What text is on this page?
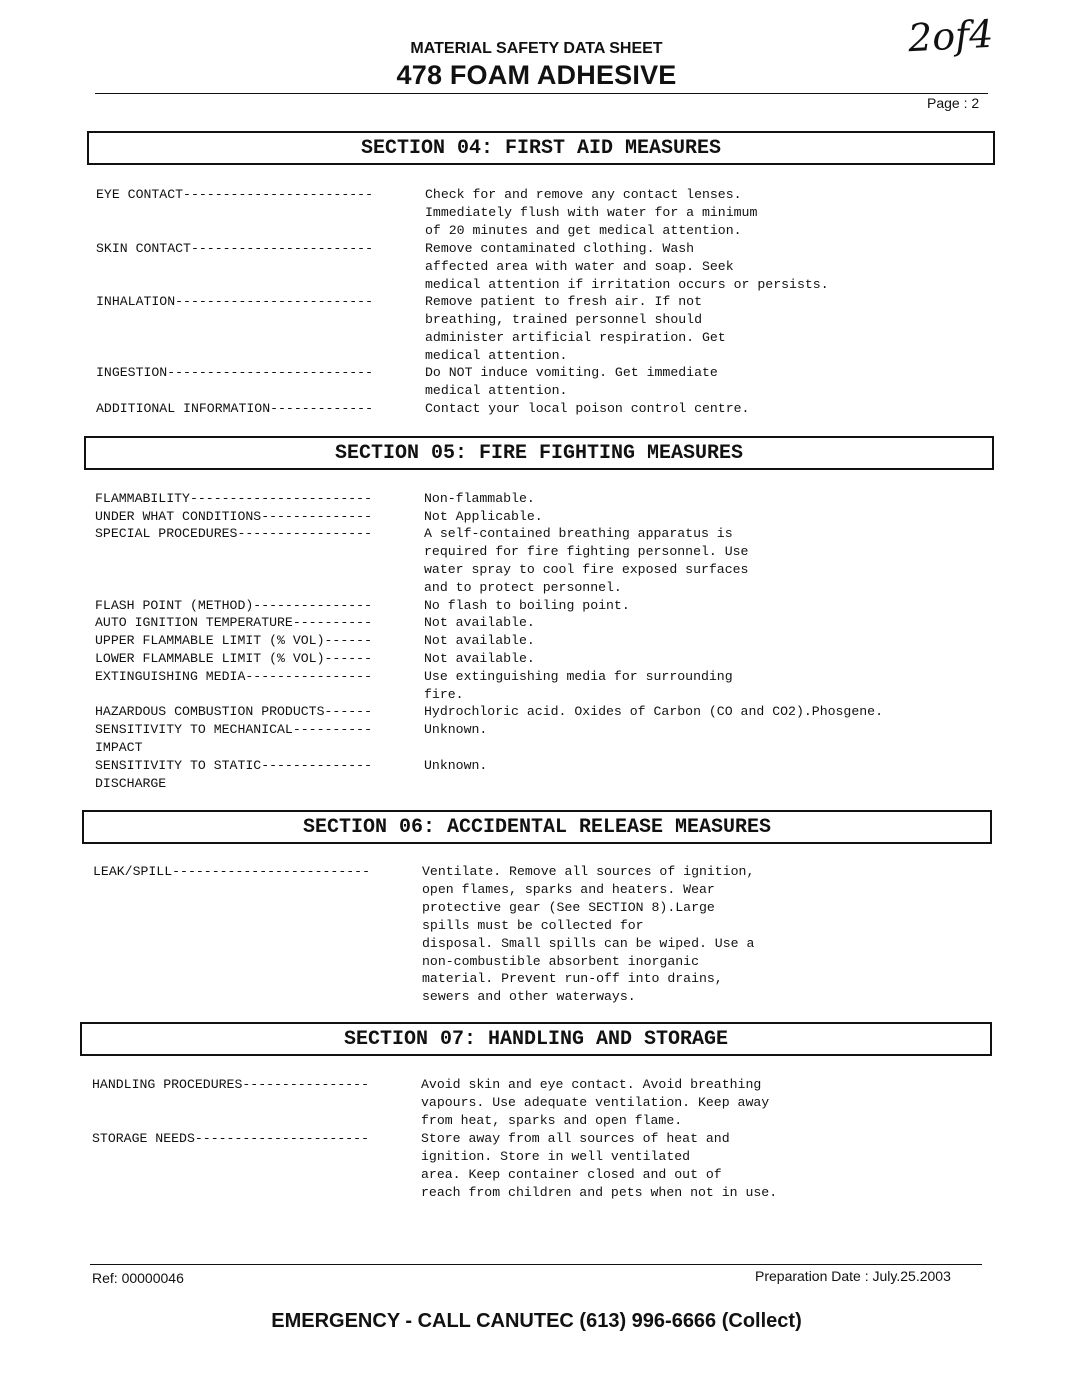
2of4
MATERIAL SAFETY DATA SHEET
478 FOAM ADHESIVE
Page : 2
SECTION 04: FIRST AID MEASURES

EYE CONTACT------------------------

	Check for and remove any contact lenses.
Immediately flush with water for a minimum
of 20 minutes and get medical attention.

SKIN CONTACT-----------------------

	Remove contaminated clothing. Wash
affected area with water and soap. Seek
medical attention if irritation occurs or persists.

INHALATION-------------------------

	Remove patient to fresh air. If not
breathing, trained personnel should
administer artificial respiration. Get
medical attention.

INGESTION--------------------------

	Do NOT induce vomiting. Get immediate
medical attention.

ADDITIONAL INFORMATION-------------

	Contact your local poison control centre.

SECTION 05: FIRE FIGHTING MEASURES

FLAMMABILITY-----------------------

	Non-flammable.

UNDER WHAT CONDITIONS--------------

	Not Applicable.

SPECIAL PROCEDURES-----------------

	A self-contained breathing apparatus is
required for fire fighting personnel. Use
water spray to cool fire exposed surfaces
and to protect personnel.

FLASH POINT (METHOD)---------------

	No flash to boiling point.

AUTO IGNITION TEMPERATURE----------

	Not available.

UPPER FLAMMABLE LIMIT (% VOL)------

	Not available.

LOWER FLAMMABLE LIMIT (% VOL)------

	Not available.

EXTINGUISHING MEDIA----------------

	Use extinguishing media for surrounding
fire.

HAZARDOUS COMBUSTION PRODUCTS------

	Hydrochloric acid. Oxides of Carbon (CO and CO2).Phosgene.

SENSITIVITY TO MECHANICAL----------
IMPACT

Unknown.

SENSITIVITY TO STATIC--------------
DISCHARGE

Unknown.

SECTION 06: ACCIDENTAL RELEASE MEASURES

LEAK/SPILL-------------------------

	Ventilate. Remove all sources of ignition,
open flames, sparks and heaters. Wear
protective gear (See SECTION 8).Large
spills must be collected for
disposal. Small spills can be wiped. Use a
non-combustible absorbent inorganic
material. Prevent run-off into drains,
sewers and other waterways.

SECTION 07: HANDLING AND STORAGE

HANDLING PROCEDURES----------------

	Avoid skin and eye contact. Avoid breathing
vapours. Use adequate ventilation. Keep away
from heat, sparks and open flame.

STORAGE NEEDS----------------------

	Store away from all sources of heat and
ignition. Store in well ventilated
area. Keep container closed and out of
reach from children and pets when not in use.

Ref: 00000046	Preparation Date : July.25.2003
EMERGENCY - CALL CANUTEC (613) 996-6666 (Collect)
